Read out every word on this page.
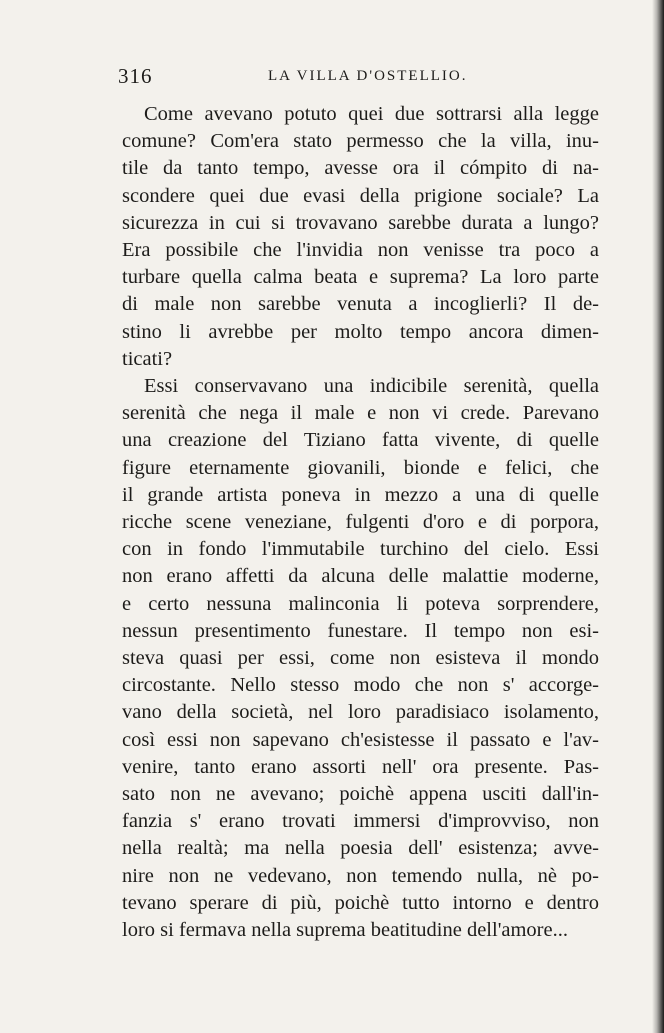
316	LA VILLA D'OSTELLIO.
Come avevano potuto quei due sottrarsi alla legge
comune? Com'era stato permesso che la villa, inu-
tile da tanto tempo, avesse ora il cómpito di na-
scondere quei due evasi della prigione sociale? La
sicurezza in cui si trovavano sarebbe durata a lungo?
Era possibile che l'invidia non venisse tra poco a
turbare quella calma beata e suprema? La loro parte
di male non sarebbe venuta a incoglierli? Il de-
stino li avrebbe per molto tempo ancora dimen-
ticati?
Essi conservavano una indicibile serenità, quella
serenità che nega il male e non vi crede. Parevano
una creazione del Tiziano fatta vivente, di quelle
figure eternamente giovanili, bionde e felici, che
il grande artista poneva in mezzo a una di quelle
ricche scene veneziane, fulgenti d'oro e di porpora,
con in fondo l'immutabile turchino del cielo. Essi
non erano affetti da alcuna delle malattie moderne,
e certo nessuna malinconia li poteva sorprendere,
nessun presentimento funestare. Il tempo non esi-
steva quasi per essi, come non esisteva il mondo
circostante. Nello stesso modo che non s' accorge-
vano della società, nel loro paradisiaco isolamento,
così essi non sapevano ch'esistesse il passato e l'av-
venire, tanto erano assorti nell' ora presente. Pas-
sato non ne avevano; poichè appena usciti dall'in-
fanzia s' erano trovati immersi d'improvviso, non
nella realtà; ma nella poesia dell' esistenza; avve-
nire non ne vedevano, non temendo nulla, nè po-
tevano sperare di più, poichè tutto intorno e dentro
loro si fermava nella suprema beatitudine dell'amore...
